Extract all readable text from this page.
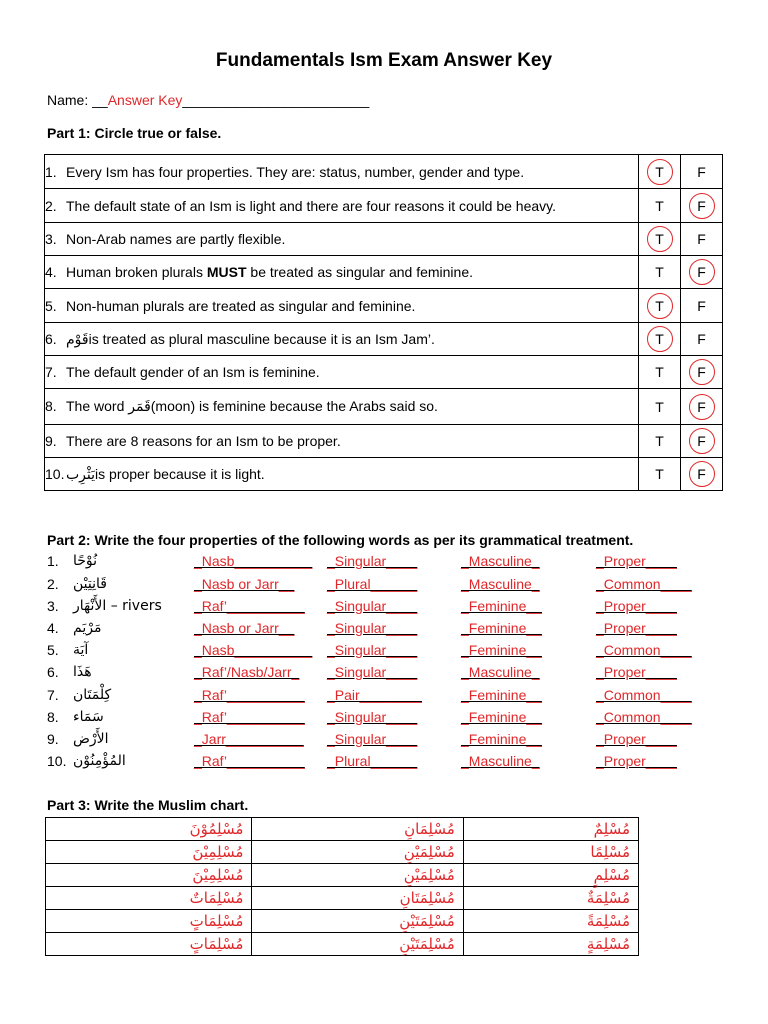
Fundamentals Ism Exam Answer Key
Name: __Answer Key________________________
Part 1: Circle true or false.
1. Every Ism has four properties. They are: status, number, gender and type.	T	F
2. The default state of an Ism is light and there are four reasons it could be heavy.	T	F

3. Non-Arab names are partly flexible.	T	F
4. Human broken plurals MUST be treated as singular and feminine.	T	F

5. Non-human plurals are treated as singular and feminine.	T	F
6. قَوْمis treated as plural masculine because it is an Ism Jam’.	T	F
7. The default gender of an Ism is feminine.	T	F

8. The word قَمَر(moon) is feminine because the Arabs said so.	T	F

9. There are 8 reasons for an Ism to be proper.	T	F

10. يَثْرِبis proper because it is light.	T	F
Part 2: Write the four properties of the following words as per its grammatical treatment.
1. نُوْحًا	_Nasb__________ _Singular____	_Masculine_	_Proper____
2. قَانِتِيْن	_Nasb or Jarr__ _Plural______	_Masculine_	_Common____
3. الأَنْهَار – rivers _Raf’__________ _Singular____	_Feminine__	_Proper____
4. مَرْيَم	_Nasb or Jarr__ _Singular____	_Feminine__	_Proper____
5. آيَة	_Nasb__________ _Singular____	_Feminine__	_Common____
6. هَذَا	_Raf’/Nasb/Jarr_ _Singular____	_Masculine_	_Proper____
7. كِلْمَتَان	_Raf’__________ _Pair________	_Feminine__	_Common____
8. سَمَاء	_Raf’__________ _Singular____	_Feminine__	_Common____
9. الأَرْض	_Jarr__________ _Singular____	_Feminine__	_Proper____
10. المُؤْمِنُوْن	_Raf’__________ _Plural______	_Masculine_	_Proper____
Part 3: Write the Muslim chart.
مُسْلِمُوْنَ	مُسْلِمَانِ	مُسْلِمٌ
مُسْلِمِيْنَ	مُسْلِمَيْنِ	مُسْلِمًا
مُسْلِمِيْنَ	مُسْلِمَيْنِ	مُسْلِمٍ
مُسْلِمَاتٌ	مُسْلِمَتَانِ	مُسْلِمَةٌ
مُسْلِمَاتٍ	مُسْلِمَتَيْنِ	مُسْلِمَةً
مُسْلِمَاتٍ	مُسْلِمَتَيْنِ	مُسْلِمَةٍ
